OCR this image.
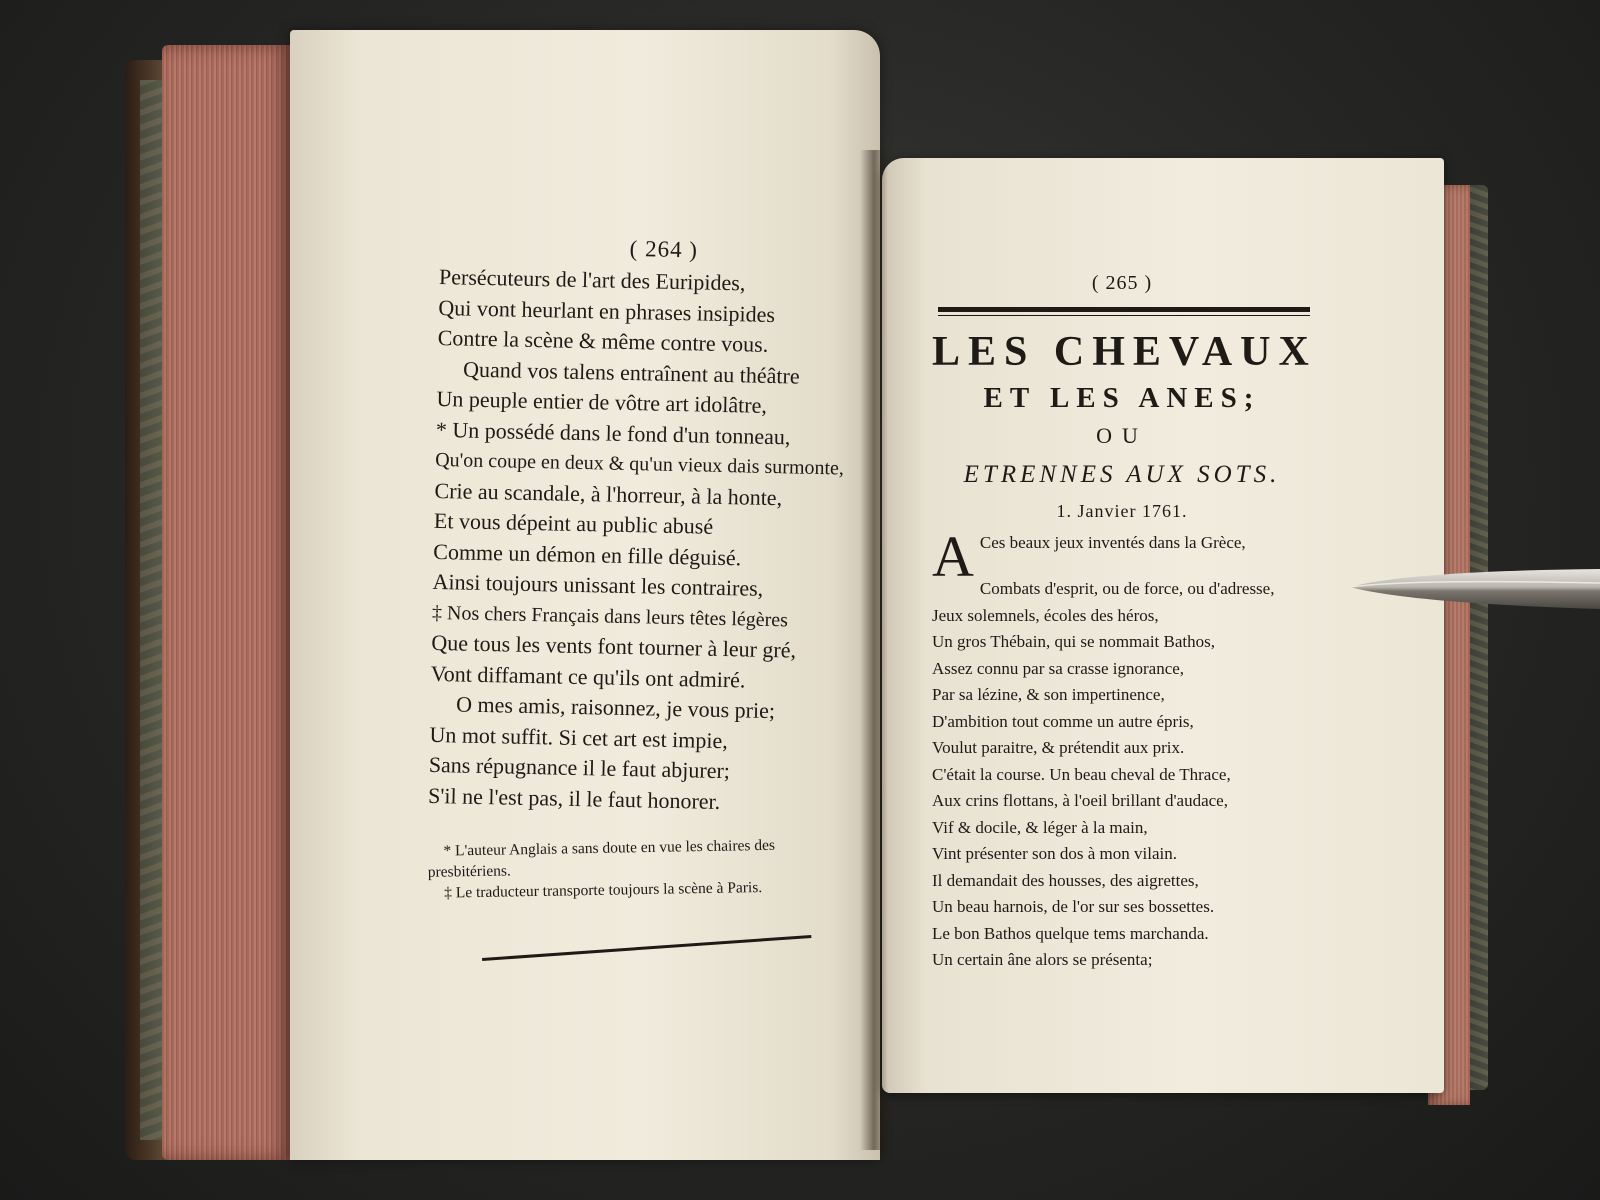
( 264 )
Persécuteurs de l'art des Euripides,
Qui vont heurlant en phrases insipides
Contre la scène & même contre vous.
Quand vos talens entraînent au théâtre
Un peuple entier de vôtre art idolâtre,
* Un possédé dans le fond d'un tonneau,
Qu'on coupe en deux & qu'un vieux dais surmonte,
Crie au scandale, à l'horreur, à la honte,
Et vous dépeint au public abusé
Comme un démon en fille déguisé.
Ainsi toujours unissant les contraires,
‡ Nos chers Français dans leurs têtes légères
Que tous les vents font tourner à leur gré,
Vont diffamant ce qu'ils ont admiré.
O mes amis, raisonnez, je vous prie;
Un mot suffit. Si cet art est impie,
Sans répugnance il le faut abjurer;
S'il ne l'est pas, il le faut honorer.
* L'auteur Anglais a sans doute en vue les chaires des
presbitériens.
‡ Le traducteur transporte toujours la scène à Paris.
( 265 )
LES CHEVAUX
ET LES ANES;
OU
ETRENNES AUX SOTS.
1. Janvier 1761.
A Ces beaux jeux inventés dans la Grèce,
Combats d'esprit, ou de force, ou d'adresse,
Jeux solemnels, écoles des héros,
Un gros Thébain, qui se nommait Bathos,
Assez connu par sa crasse ignorance,
Par sa lézine, & son impertinence,
D'ambition tout comme un autre épris,
Voulut paraitre, & prétendit aux prix.
C'était la course. Un beau cheval de Thrace,
Aux crins flottans, à l'oeil brillant d'audace,
Vif & docile, & léger à la main,
Vint présenter son dos à mon vilain.
Il demandait des housses, des aigrettes,
Un beau harnois, de l'or sur ses bossettes.
Le bon Bathos quelque tems marchanda.
Un certain âne alors se présenta;
